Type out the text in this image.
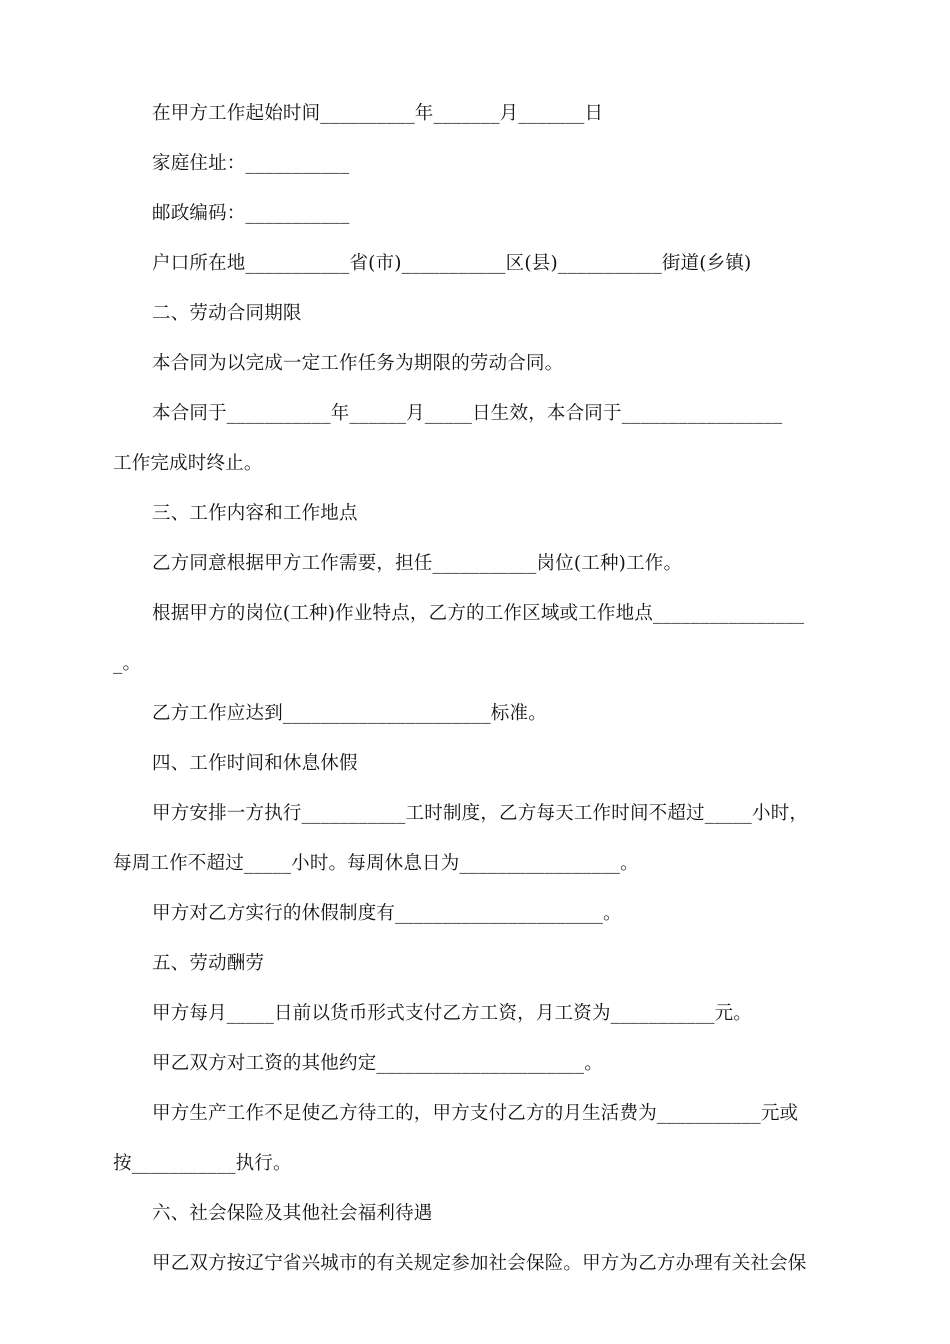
在甲方工作起始时间__________年_______月_______日
家庭住址：___________
邮政编码：___________
户口所在地___________省(市)___________区(县)___________街道(乡镇)
二、劳动合同期限
本合同为以完成一定工作任务为期限的劳动合同。
本合同于___________年______月_____日生效，本合同于_________________
工作完成时终止。
三、工作内容和工作地点
乙方同意根据甲方工作需要，担任___________岗位(工种)工作。
根据甲方的岗位(工种)作业特点，乙方的工作区域或工作地点________________
_。
乙方工作应达到______________________标准。
四、工作时间和休息休假
甲方安排一方执行___________工时制度，乙方每天工作时间不超过_____小时，
每周工作不超过_____小时。每周休息日为_________________。
甲方对乙方实行的休假制度有______________________。
五、劳动酬劳
甲方每月_____日前以货币形式支付乙方工资，月工资为___________元。
甲乙双方对工资的其他约定______________________。
甲方生产工作不足使乙方待工的，甲方支付乙方的月生活费为___________元或
按___________执行。
六、社会保险及其他社会福利待遇
甲乙双方按辽宁省兴城市的有关规定参加社会保险。甲方为乙方办理有关社会保
